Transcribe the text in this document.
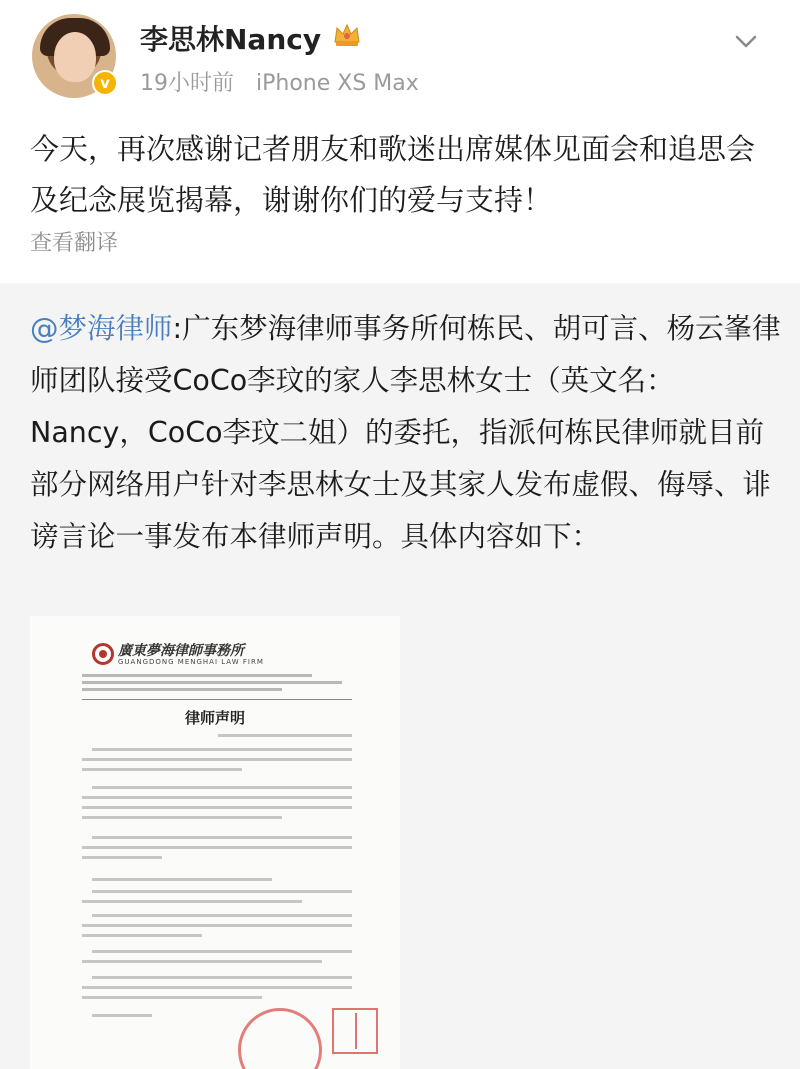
v
李思林Nancy
19小时前 iPhone XS Max
今天，再次感谢记者朋友和歌迷出席媒体见面会和追思会及纪念展览揭幕，谢谢你们的爱与支持！
查看翻译
@梦海律师:广东梦海律师事务所何栋民、胡可言、杨云峯律师团队接受CoCo李玟的家人李思林女士（英文名：Nancy，CoCo李玟二姐）的委托，指派何栋民律师就目前部分网络用户针对李思林女士及其家人发布虚假、侮辱、诽谤言论一事发布本律师声明。具体内容如下：
廣東夢海律師事務所
GUANGDONG MENGHAI LAW FIRM
律师声明
